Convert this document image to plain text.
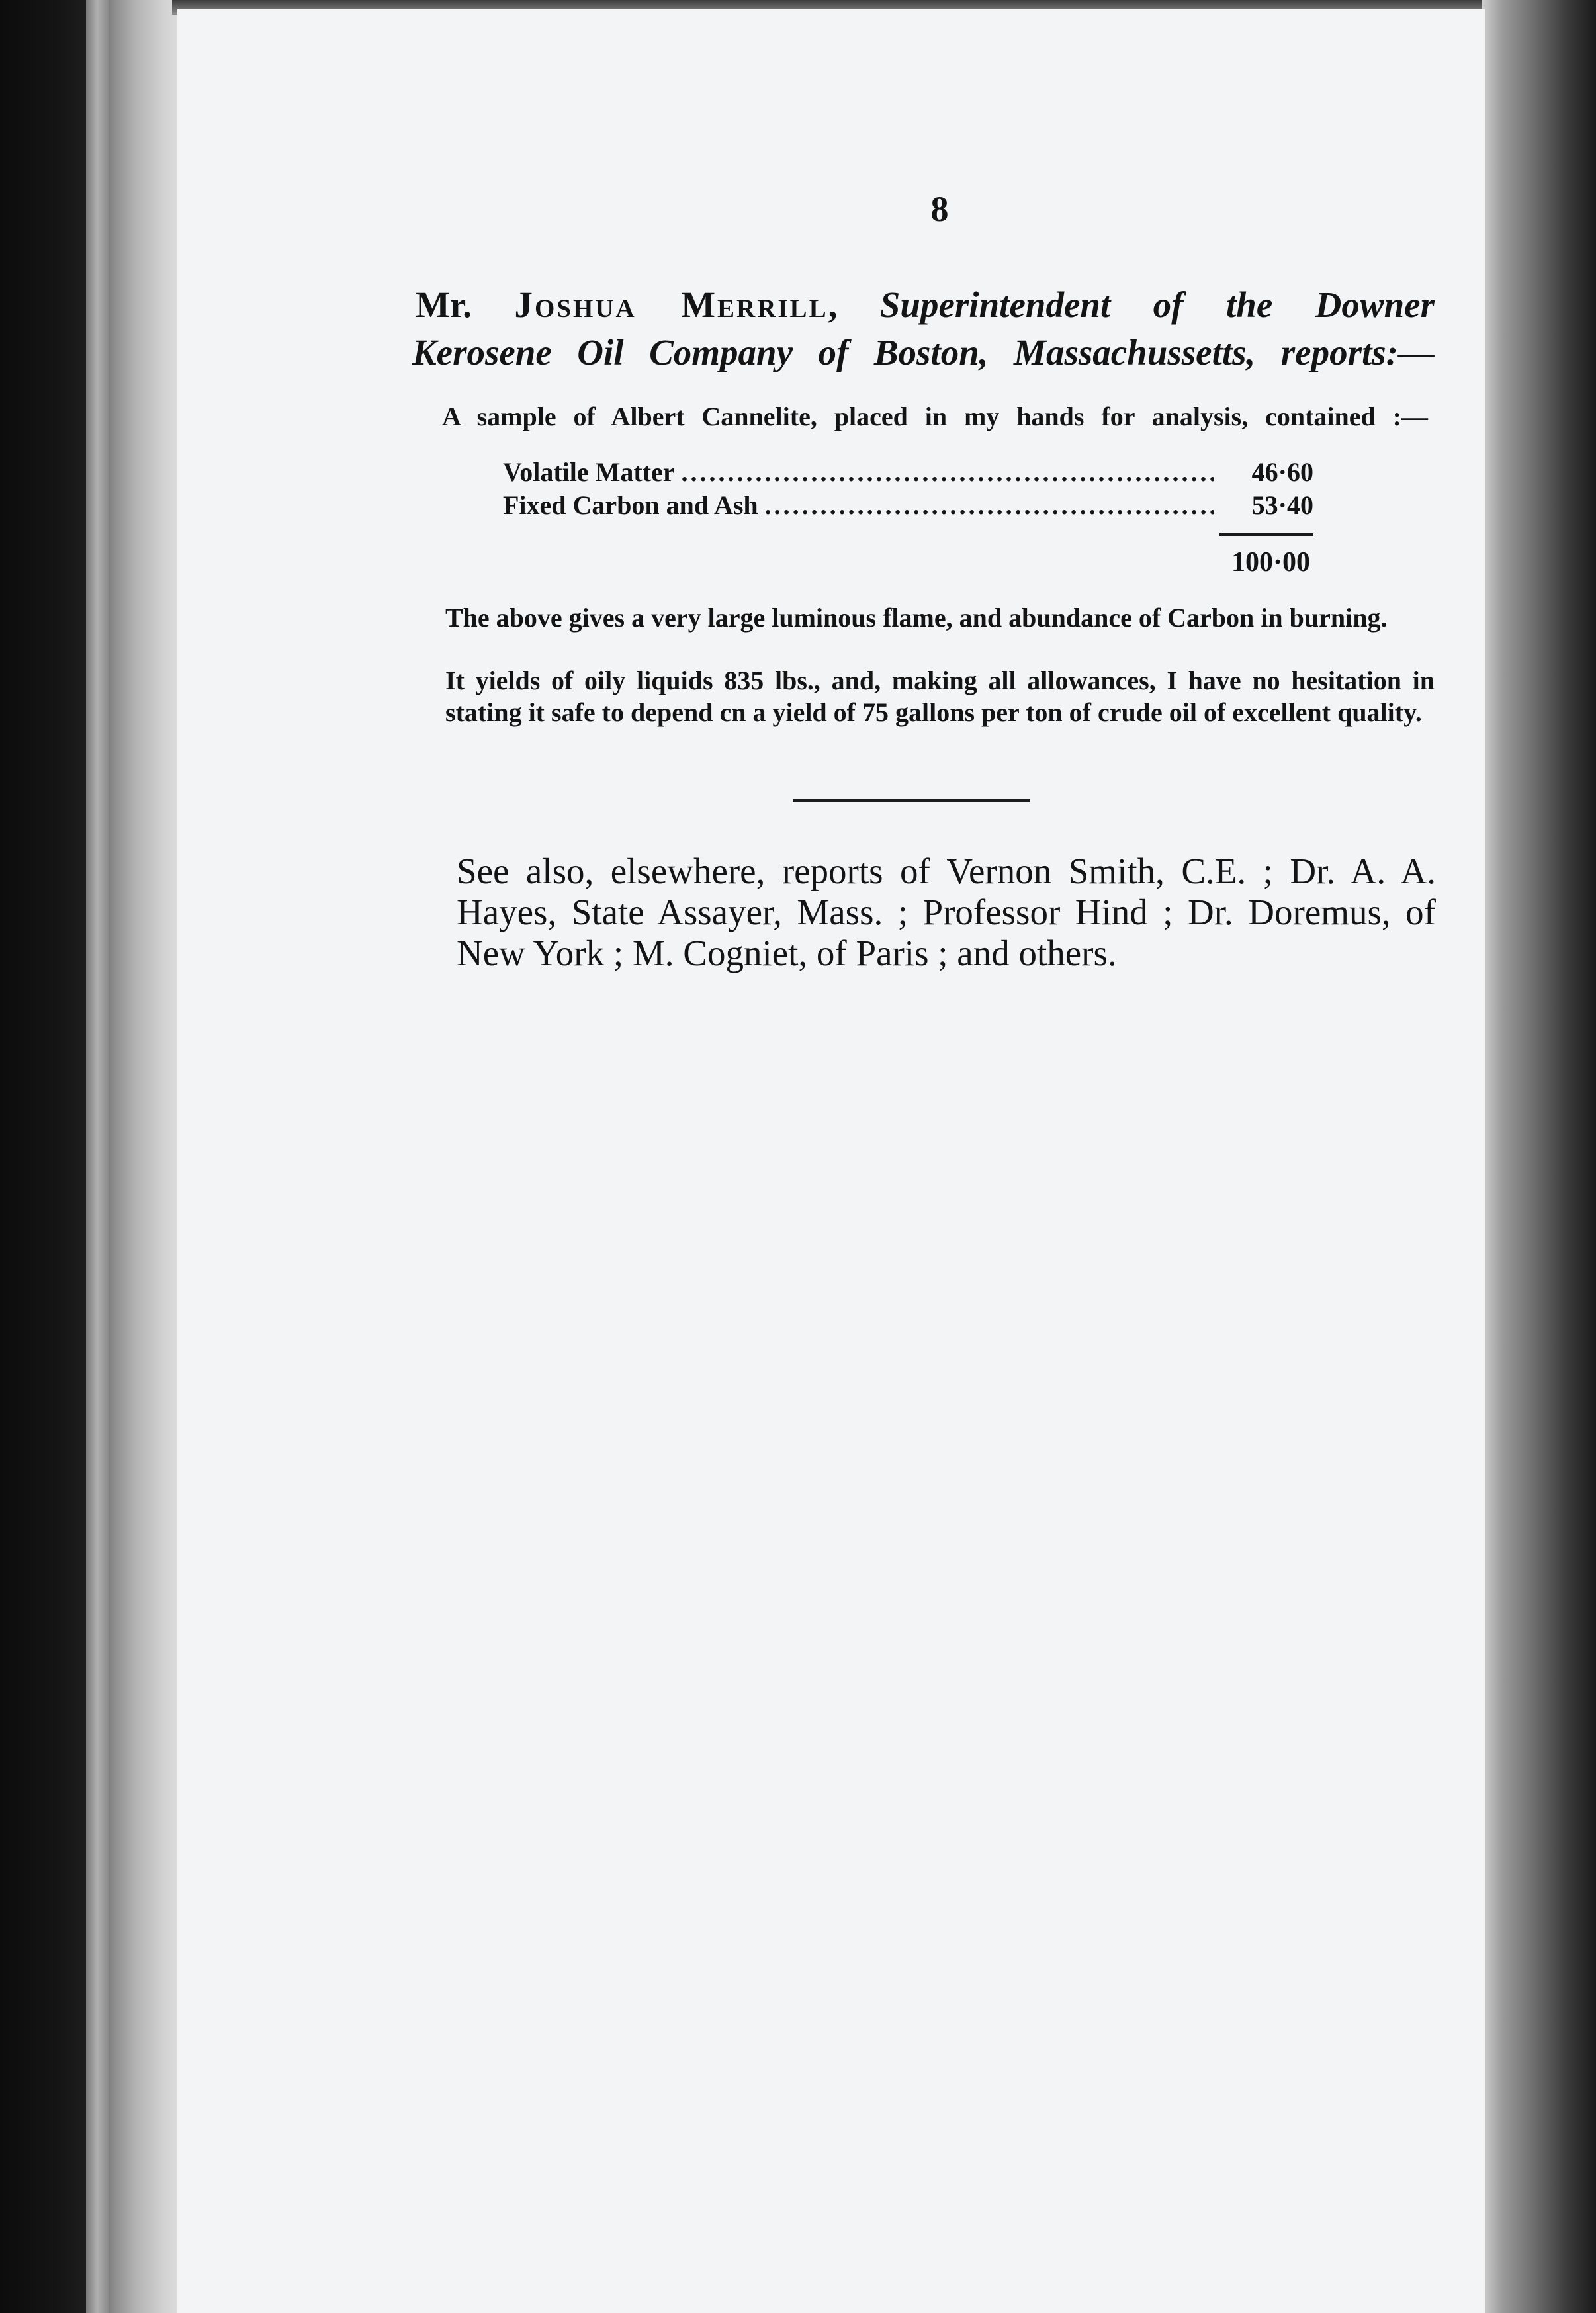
8
Mr. Joshua Merrill, Superintendent of the Downer
Kerosene Oil Company of Boston, Massachussetts, reports:—
A sample of Albert Cannelite, placed in my hands for analysis, contained :—
Volatile Matter .....	46·60
Fixed Carbon and Ash .....	53·40
100·00
The above gives a very large luminous flame, and abundance of Carbon in burning.
It yields of oily liquids 835 lbs., and, making all allowances, I have no hesitation in stating it safe to depend cn a yield of 75 gallons per ton of crude oil of excellent quality.
See also, elsewhere, reports of Vernon Smith, C.E. ; Dr. A. A. Hayes, State Assayer, Mass. ; Professor Hind ; Dr. Doremus, of New York ; M. Cogniet, of Paris ; and others.
